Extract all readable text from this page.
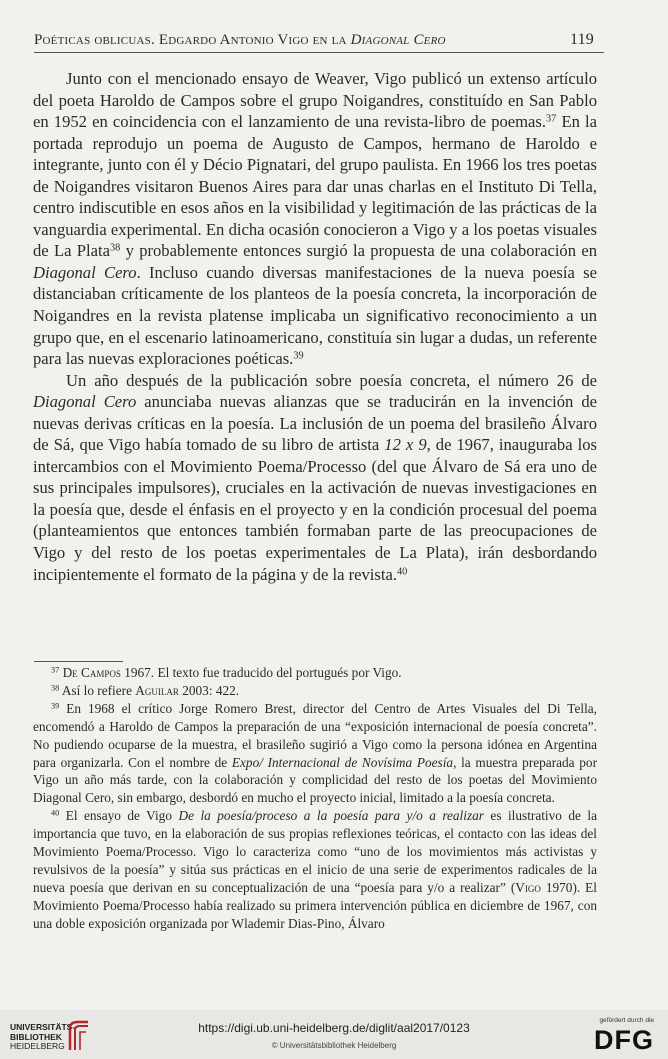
Poéticas oblicuas. Edgardo Antonio Vigo en la Diagonal Cero	119

Junto con el mencionado ensayo de Weaver, Vigo publicó un extenso artículo del poeta Haroldo de Campos sobre el grupo Noigandres, constituído en San Pablo en 1952 en coincidencia con el lanzamiento de una revista-libro de poemas.$^{37}$ En la portada reprodujo un poema de Augusto de Campos, hermano de Haroldo e integrante, junto con él y Décio Pignatari, del grupo paulista. En 1966 los tres poetas de Noigandres visitaron Buenos Aires para dar unas charlas en el Instituto Di Tella, centro indiscutible en esos años en la visibilidad y legitimación de las prácticas de la vanguardia experimental. En dicha ocasión conocieron a Vigo y a los poetas visuales de La Plata$^{38}$ y probablemente entonces surgió la propuesta de una colaboración en Diagonal Cero. Incluso cuando diversas manifestaciones de la nueva poesía se distanciaban críticamente de los planteos de la poesía concreta, la incorporación de Noigandres en la revista platense implicaba un significativo reconocimiento a un grupo que, en el escenario latinoamericano, constituía sin lugar a dudas, un referente para las nuevas exploraciones poéticas.$^{39}$

Un año después de la publicación sobre poesía concreta, el número 26 de Diagonal Cero anunciaba nuevas alianzas que se traducirán en la invención de nuevas derivas críticas en la poesía. La inclusión de un poema del brasileño Álvaro de Sá, que Vigo había tomado de su libro de artista 12 x 9, de 1967, inauguraba los intercambios con el Movimiento Poema/Processo (del que Álvaro de Sá era uno de sus principales impulsores), cruciales en la activación de nuevas investigaciones en la poesía que, desde el énfasis en el proyecto y en la condición procesual del poema (planteamientos que entonces también formaban parte de las preocupaciones de Vigo y del resto de los poetas experimentales de La Plata), irán desbordando incipientemente el formato de la página y de la revista.$^{40}$

$^{37}$ De Campos 1967. El texto fue traducido del portugués por Vigo.

$^{38}$ Así lo refiere Aguilar 2003: 422.

$^{39}$ En 1968 el crítico Jorge Romero Brest, director del Centro de Artes Visuales del Di Tella, encomendó a Haroldo de Campos la preparación de una “exposición internacional de poesía concreta”. No pudiendo ocuparse de la muestra, el brasileño sugirió a Vigo como la persona idónea en Argentina para organizarla. Con el nombre de Expo/ Internacional de Novísima Poesía, la muestra preparada por Vigo un año más tarde, con la colaboración y complicidad del resto de los poetas del Movimiento Diagonal Cero, sin embargo, desbordó en mucho el proyecto inicial, limitado a la poesía concreta.

$^{40}$ El ensayo de Vigo De la poesía/proceso a la poesía para y/o a realizar es ilustrativo de la importancia que tuvo, en la elaboración de sus propias reflexiones teóricas, el contacto con las ideas del Movimiento Poema/Processo. Vigo lo caracteriza como “uno de los movimientos más activistas y revulsivos de la poesía” y sitúa sus prácticas en el inicio de una serie de experimentos radicales de la nueva poesía que derivan en su conceptualización de una “poesía para y/o a realizar” (Vigo 1970). El Movimiento Poema/Processo había realizado su primera intervención pública en diciembre de 1967, con una doble exposición organizada por Wlademir Dias-Pino, Álvaro

UNIVERSITÄTS-
BIBLIOTHEK
HEIDELBERG
https://digi.ub.uni-heidelberg.de/diglit/aal2017/0123
© Universitätsbibliothek Heidelberg
gefördert durch die
DFG
